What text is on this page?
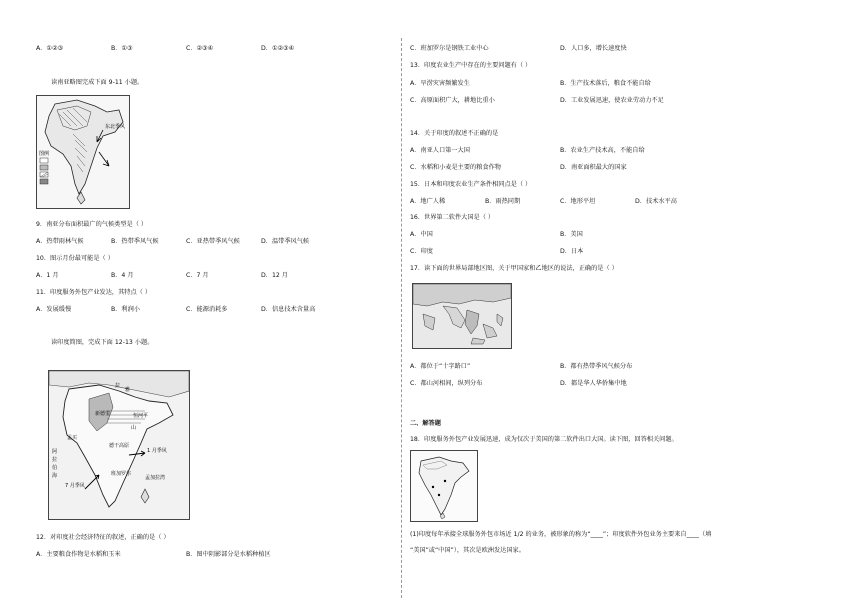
A．①②③	B．①③	C．②③④	D．①②③④
读南亚略图完成下面 9-11 小题。
东北季风
图例
9．南亚分布面积最广的气候类型是（ ）
A．热带雨林气候	B．热带季风气候	C．亚热带季风气候	D．温带季风气候
10．图示月份最可能是（ ）
A．1 月	B．4 月	C．7 月	D．12 月
11．印度服务外包产业发达，其特点（ ）
A．发展缓慢	B．利润小	C．能源消耗多	D．信息技术含量高
读印度简图，完成下面 12-13 小题。
拉
雅
新德里	恒河平
山
孟买
1 月季风
班加罗尔
7 月季风
孟加拉湾
阿
拉
伯
海
德干高原
12．对印度社会经济特征的叙述，正确的是（ ）
A．主要粮食作物是水稻和玉米	B．图中阴影部分是水稻种植区
C．班加罗尔是钢铁工业中心	D．人口多，增长速度快
13．印度农业生产中存在的主要问题有（ ）
A．旱涝灾害频繁发生	B．生产技术落后，粮食不能自给
C．高原面积广大，耕地比重小	D．工业发展迅速，使农业劳动力不足
14．关于印度的叙述不正确的是
A．南亚人口第一大国	B．农业生产技术高，不能自给
C．水稻和小麦是主要的粮食作物	D．南亚面积最大的国家
15．日本和印度农业生产条件相同点是（ ）
A．地广人稀	B．雨热同期	C．地形平坦	D．技术水平高
16．世界第二软件大国是（ ）
A．中国	B．美国
C．印度	D．日本
17．读下面的世界局部地区图，关于甲国家和乙地区的说法，正确的是（ ）
A．都位于“十字路口”	B．都有热带季风气候分布
C．都山河相间，纵列分布	D．都是华人华侨集中地
二、解答题
18．印度服务外包产业发展迅速，成为仅次于美国的第二软件出口大国。读下图，回答相关问题。
(1)印度每年承接全球服务外包市场近 1/2 的业务，被形象的称为“____”；印度软件外包业务主要来自____（填
“美国”或“中国”），其次是欧洲发达国家。
